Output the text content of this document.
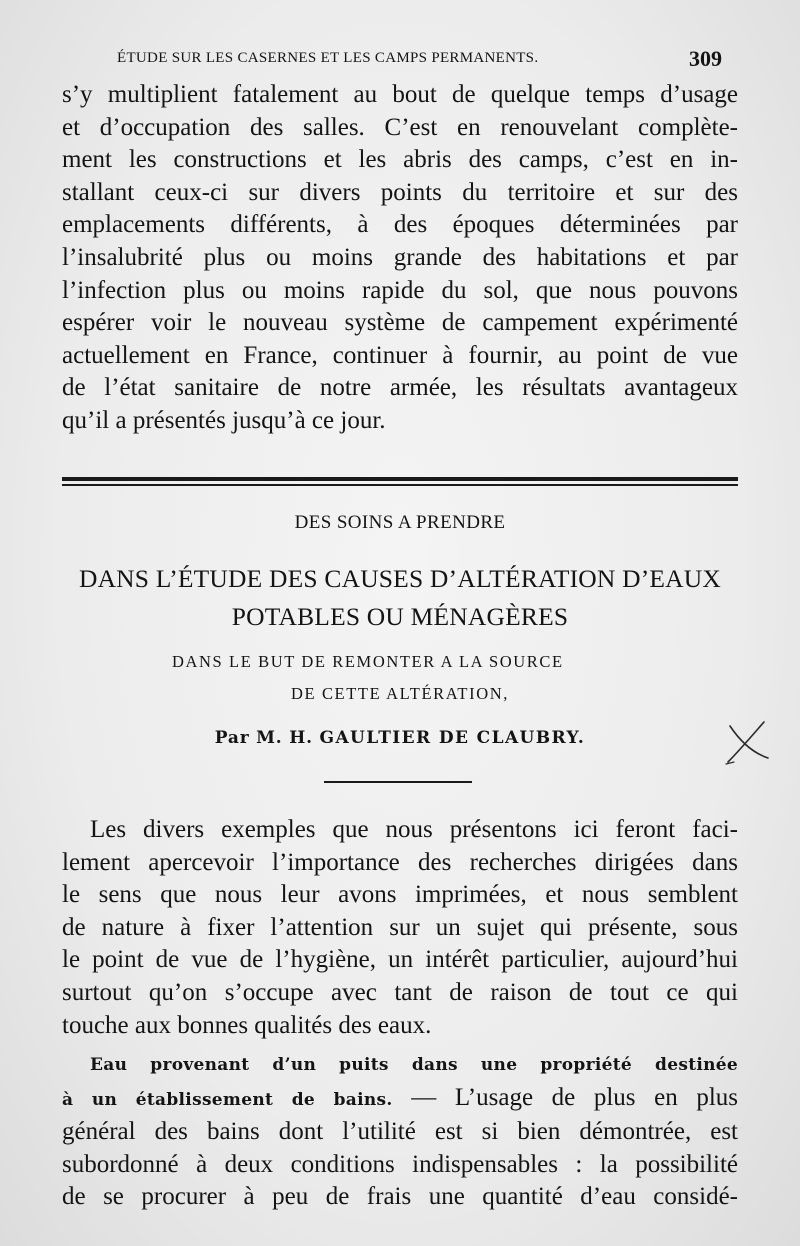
ÉTUDE SUR LES CASERNES ET LES CAMPS PERMANENTS.	309
s’y multiplient fatalement au bout de quelque temps d’usage
et d’occupation des salles. C’est en renouvelant complète-
ment les constructions et les abris des camps, c’est en in-
stallant ceux-ci sur divers points du territoire et sur des
emplacements différents, à des époques déterminées par
l’insalubrité plus ou moins grande des habitations et par
l’infection plus ou moins rapide du sol, que nous pouvons
espérer voir le nouveau système de campement expérimenté
actuellement en France, continuer à fournir, au point de vue
de l’état sanitaire de notre armée, les résultats avantageux
qu’il a présentés jusqu’à ce jour.
DES SOINS A PRENDRE
DANS L’ÉTUDE DES CAUSES D’ALTÉRATION D’EAUX
POTABLES OU MÉNAGÈRES
DANS LE BUT DE REMONTER A LA SOURCE
DE CETTE ALTÉRATION,
Par M. H. GAULTIER DE CLAUBRY.
Les divers exemples que nous présentons ici feront faci-
lement apercevoir l’importance des recherches dirigées dans
le sens que nous leur avons imprimées, et nous semblent
de nature à fixer l’attention sur un sujet qui présente, sous
le point de vue de l’hygiène, un intérêt particulier, aujourd’hui
surtout qu’on s’occupe avec tant de raison de tout ce qui
touche aux bonnes qualités des eaux.
Eau provenant d’un puits dans une propriété destinée
à un établissement de bains. — L’usage de plus en plus
général des bains dont l’utilité est si bien démontrée, est
subordonné à deux conditions indispensables : la possibilité
de se procurer à peu de frais une quantité d’eau considé-
